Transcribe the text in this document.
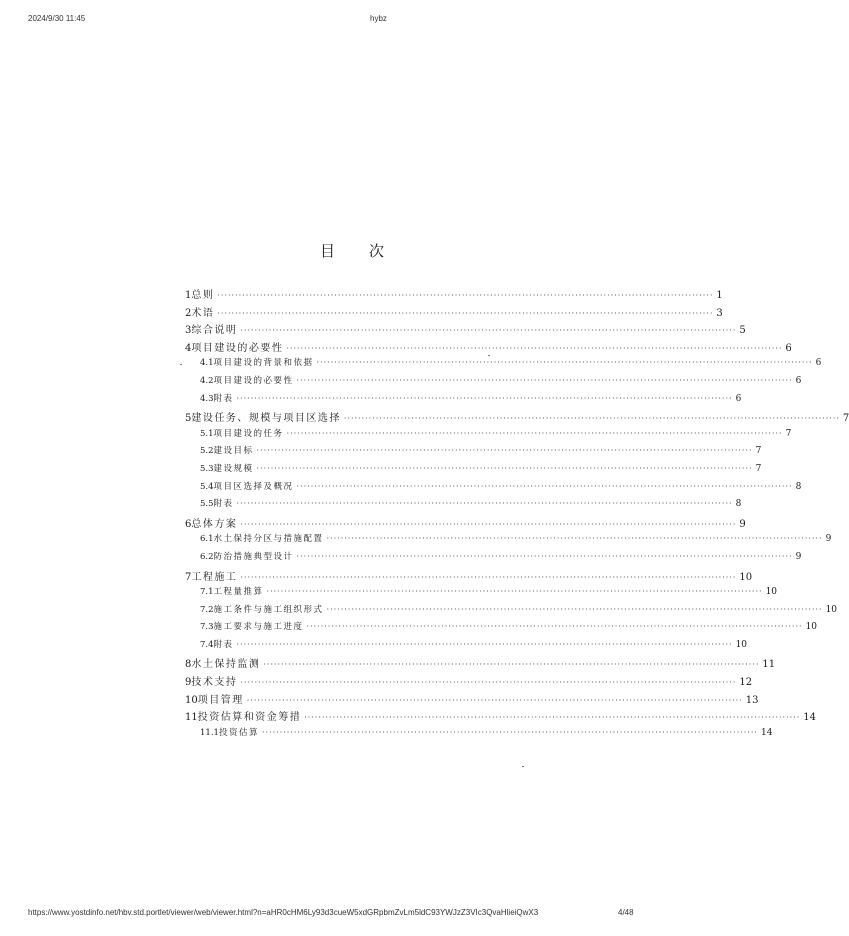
2024/9/30 11:45	hybz
目次
1 总则 ············································································································································ 1
2 术语 ············································································································································ 3
3 综合说明 ············································································································································ 5
4 项目建设的必要性 ············································································································································ 6
4.1 项目建设的背景和依据 ············································································································································ 6
4.2 项目建设的必要性 ············································································································································ 6
4.3 附表 ············································································································································ 6
5 建设任务、规模与项目区选择 ············································································································································ 7
5.1 项目建设的任务 ············································································································································ 7
5.2 建设目标 ············································································································································ 7
5.3 建设规模 ············································································································································ 7
5.4 项目区选择及概况 ············································································································································ 8
5.5 附表 ············································································································································ 8
6 总体方案 ············································································································································ 9
6.1 水土保持分区与措施配置 ············································································································································ 9
6.2 防治措施典型设计 ············································································································································ 9
7 工程施工 ············································································································································ 10
7.1 工程量推算 ············································································································································ 10
7.2 施工条件与施工组织形式 ············································································································································ 10
7.3 施工要求与施工进度 ············································································································································ 10
7.4 附表 ············································································································································ 10
8 水土保持监测 ············································································································································ 11
9 技术支持 ············································································································································ 12
10 项目管理 ············································································································································ 13
11 投资估算和资金筹措 ············································································································································ 14
11.1 投资估算 ············································································································································ 14
https://www.yostdinfo.net/hbv.std.portlet/viewer/web/viewer.html?n=aHR0cHM6Ly93d3cueW5xdGRpbmZvLm5ldC93YWJzZ3VIc3QvaHlieiQwX3	4/48
